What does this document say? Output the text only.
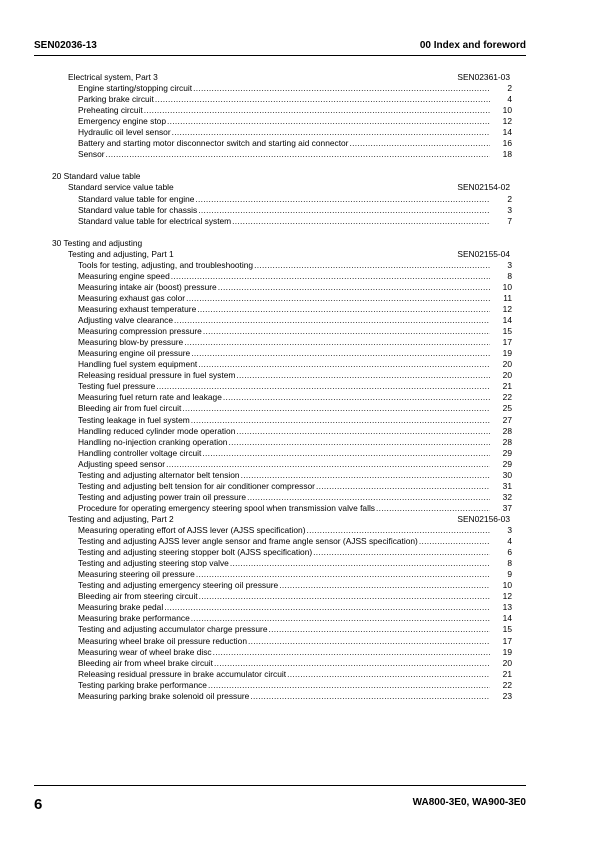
SEN02036-13	00 Index and foreword
Electrical system, Part 3	SEN02361-03
Engine starting/stopping circuit .....	2
Parking brake circuit .....	4
Preheating circuit .....	10
Emergency engine stop .....	12
Hydraulic oil level sensor .....	14
Battery and starting motor disconnector switch and starting aid connector .....	16
Sensor .....	18
20 Standard value table
Standard service value table	SEN02154-02
Standard value table for engine .....	2
Standard value table for chassis .....	3
Standard value table for electrical system .....	7
30 Testing and adjusting
Testing and adjusting, Part 1	SEN02155-04
Tools for testing, adjusting, and troubleshooting .....	3
Measuring engine speed .....	8
Measuring intake air (boost) pressure .....	10
Measuring exhaust gas color .....	11
Measuring exhaust temperature .....	12
Adjusting valve clearance .....	14
Measuring compression pressure .....	15
Measuring blow-by pressure .....	17
Measuring engine oil pressure .....	19
Handling fuel system equipment .....	20
Releasing residual pressure in fuel system .....	20
Testing fuel pressure .....	21
Measuring fuel return rate and leakage .....	22
Bleeding air from fuel circuit .....	25
Testing leakage in fuel system .....	27
Handling reduced cylinder mode operation .....	28
Handling no-injection cranking operation .....	28
Handling controller voltage circuit .....	29
Adjusting speed sensor .....	29
Testing and adjusting alternator belt tension .....	30
Testing and adjusting belt tension for air conditioner compressor .....	31
Testing and adjusting power train oil pressure .....	32
Procedure for operating emergency steering spool when transmission valve falls .....	37
Testing and adjusting, Part 2	SEN02156-03
Measuring operating effort of AJSS lever (AJSS specification) .....	3
Testing and adjusting AJSS lever angle sensor and frame angle sensor (AJSS specification) .....	4
Testing and adjusting steering stopper bolt (AJSS specification) .....	6
Testing and adjusting steering stop valve .....	8
Measuring steering oil pressure .....	9
Testing and adjusting emergency steering oil pressure .....	10
Bleeding air from steering circuit .....	12
Measuring brake pedal .....	13
Measuring brake performance .....	14
Testing and adjusting accumulator charge pressure .....	15
Measuring wheel brake oil pressure reduction .....	17
Measuring wear of wheel brake disc .....	19
Bleeding air from wheel brake circuit .....	20
Releasing residual pressure in brake accumulator circuit .....	21
Testing parking brake performance .....	22
Measuring parking brake solenoid oil pressure .....	23
6	WA800-3E0, WA900-3E0
